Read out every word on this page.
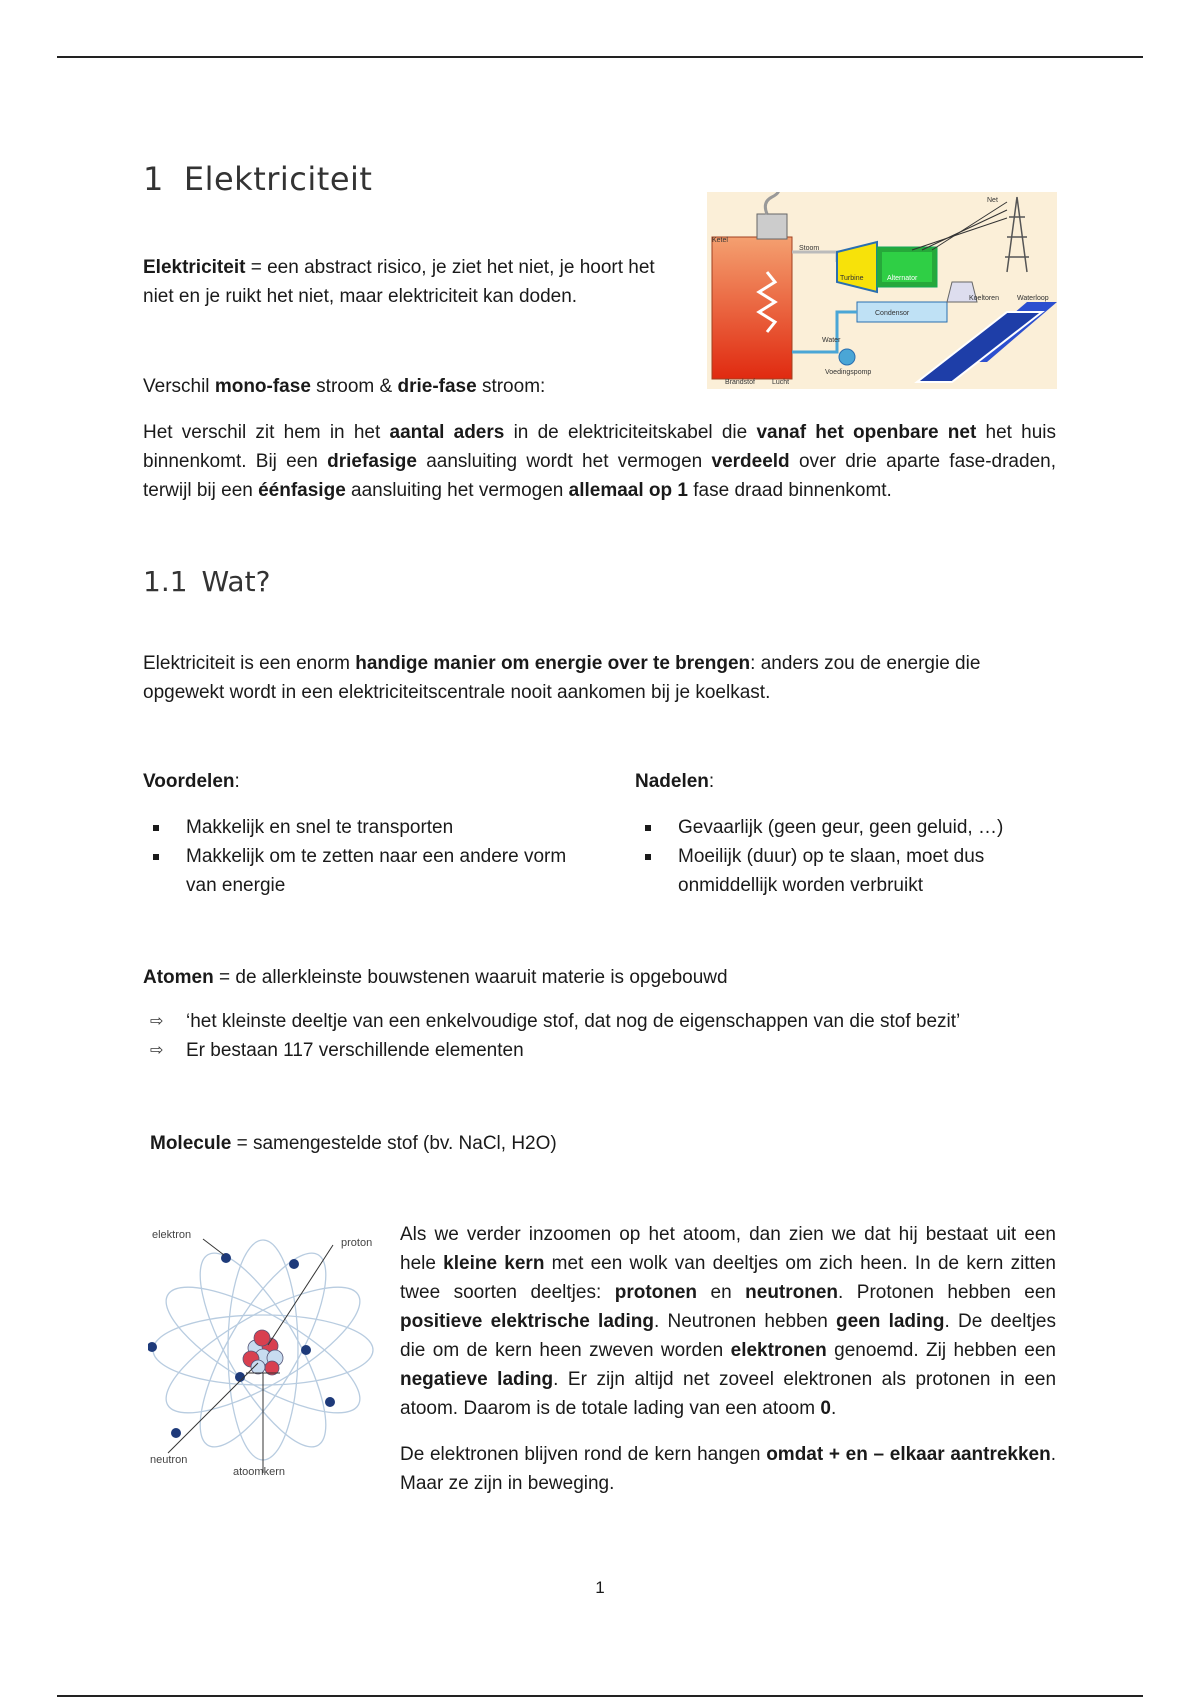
1 Elektriciteit

Elektriciteit = een abstract risico, je ziet het niet, je hoort het niet en je ruikt het niet, maar elektriciteit kan doden.

Ketel
Net
Stoom
Turbine	Alternator
Koeltoren	Waterloop
Condensor
Water
Voedingspomp
Brandstof Lucht

Verschil mono-fase stroom & drie-fase stroom:

Het verschil zit hem in het aantal aders in de elektriciteitskabel die vanaf het openbare net het huis binnenkomt. Bij een driefasige aansluiting wordt het vermogen verdeeld over drie aparte fase-draden, terwijl bij een éénfasige aansluiting het vermogen allemaal op 1 fase draad binnenkomt.

1.1 Wat?

Elektriciteit is een enorm handige manier om energie over te brengen: anders zou de energie die opgewekt wordt in een elektriciteitscentrale nooit aankomen bij je koelkast.

Voordelen:

Makkelijk en snel te transporten
Makkelijk om te zetten naar een andere vorm van energie

Nadelen:

Gevaarlijk (geen geur, geen geluid, …)
Moeilijk (duur) op te slaan, moet dus onmiddellijk worden verbruikt

Atomen = de allerkleinste bouwstenen waaruit materie is opgebouwd

⇨ ‘het kleinste deeltje van een enkelvoudige stof, dat nog de eigenschappen van die stof bezit’
⇨ Er bestaan 117 verschillende elementen

Molecule = samengestelde stof (bv. NaCl, H2O)

elektron
proton
neutron
atoomkern

Als we verder inzoomen op het atoom, dan zien we dat hij bestaat uit een hele kleine kern met een wolk van deeltjes om zich heen. In de kern zitten twee soorten deeltjes: protonen en neutronen. Protonen hebben een positieve elektrische lading. Neutronen hebben geen lading. De deeltjes die om de kern heen zweven worden elektronen genoemd. Zij hebben een negatieve lading. Er zijn altijd net zoveel elektronen als protonen in een atoom. Daarom is de totale lading van een atoom 0.

De elektronen blijven rond de kern hangen omdat + en – elkaar aantrekken. Maar ze zijn in beweging.

1
